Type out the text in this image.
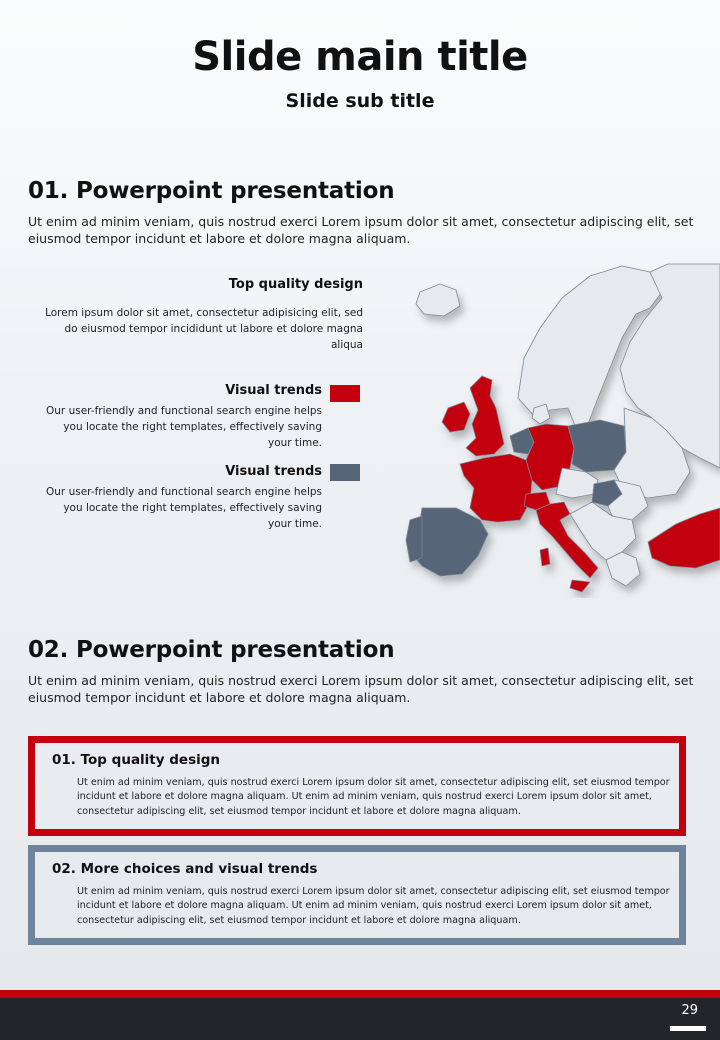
Slide main title
Slide sub title
01. Powerpoint presentation
Ut enim ad minim veniam, quis nostrud exerci Lorem ipsum dolor sit amet, consectetur adipiscing elit, set eiusmod tempor incidunt et labore et dolore magna aliquam.
Top quality design
Lorem ipsum dolor sit amet, consectetur adipisicing elit, sed do eiusmod tempor incididunt ut labore et dolore magna aliqua
Visual trends
Our user-friendly and functional search engine helps you locate the right templates, effectively saving your time.
Visual trends
Our user-friendly and functional search engine helps you locate the right templates, effectively saving your time.
02. Powerpoint presentation
Ut enim ad minim veniam, quis nostrud exerci Lorem ipsum dolor sit amet, consectetur adipiscing elit, set eiusmod tempor incidunt et labore et dolore magna aliquam.
01. Top quality design
Ut enim ad minim veniam, quis nostrud exerci Lorem ipsum dolor sit amet, consectetur adipiscing elit, set eiusmod tempor incidunt et labore et dolore magna aliquam. Ut enim ad minim veniam, quis nostrud exerci Lorem ipsum dolor sit amet, consectetur adipiscing elit, set eiusmod tempor incidunt et labore et dolore magna aliquam.
02. More choices and visual trends
Ut enim ad minim veniam, quis nostrud exerci Lorem ipsum dolor sit amet, consectetur adipiscing elit, set eiusmod tempor incidunt et labore et dolore magna aliquam. Ut enim ad minim veniam, quis nostrud exerci Lorem ipsum dolor sit amet, consectetur adipiscing elit, set eiusmod tempor incidunt et labore et dolore magna aliquam.
29
